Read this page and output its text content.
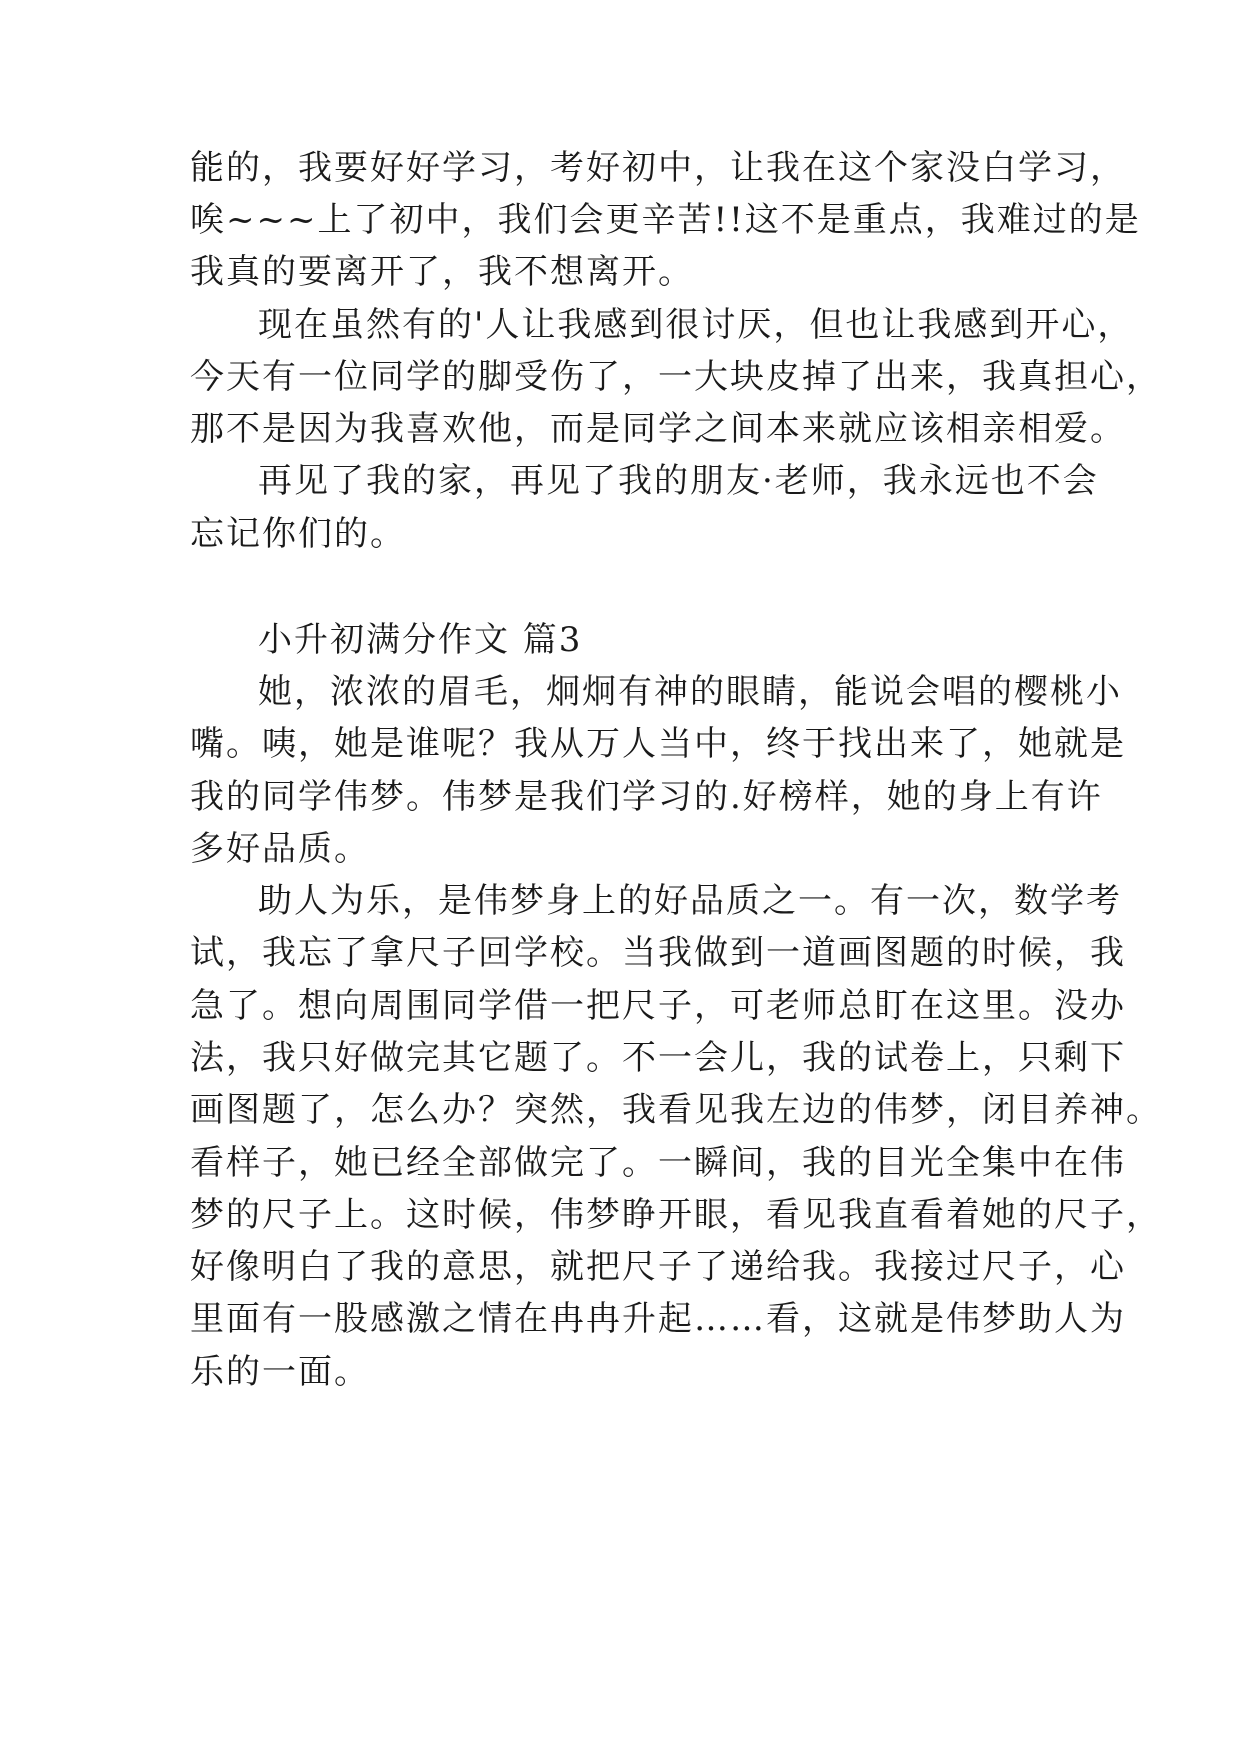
能的，我要好好学习，考好初中，让我在这个家没白学习，
唉~~~上了初中，我们会更辛苦!!这不是重点，我难过的是
我真的要离开了，我不想离开。
现在虽然有的'人让我感到很讨厌，但也让我感到开心，
今天有一位同学的脚受伤了，一大块皮掉了出来，我真担心，
那不是因为我喜欢他，而是同学之间本来就应该相亲相爱。
再见了我的家，再见了我的朋友·老师，我永远也不会
忘记你们的。
小升初满分作文 篇3
她，浓浓的眉毛，炯炯有神的眼睛，能说会唱的樱桃小
嘴。咦，她是谁呢？我从万人当中，终于找出来了，她就是
我的同学伟梦。伟梦是我们学习的.好榜样，她的身上有许
多好品质。
助人为乐，是伟梦身上的好品质之一。有一次，数学考
试，我忘了拿尺子回学校。当我做到一道画图题的时候，我
急了。想向周围同学借一把尺子，可老师总盯在这里。没办
法，我只好做完其它题了。不一会儿，我的试卷上，只剩下
画图题了，怎么办？突然，我看见我左边的伟梦，闭目养神。
看样子，她已经全部做完了。一瞬间，我的目光全集中在伟
梦的尺子上。这时候，伟梦睁开眼，看见我直看着她的尺子，
好像明白了我的意思，就把尺子了递给我。我接过尺子，心
里面有一股感激之情在冉冉升起……看，这就是伟梦助人为
乐的一面。
